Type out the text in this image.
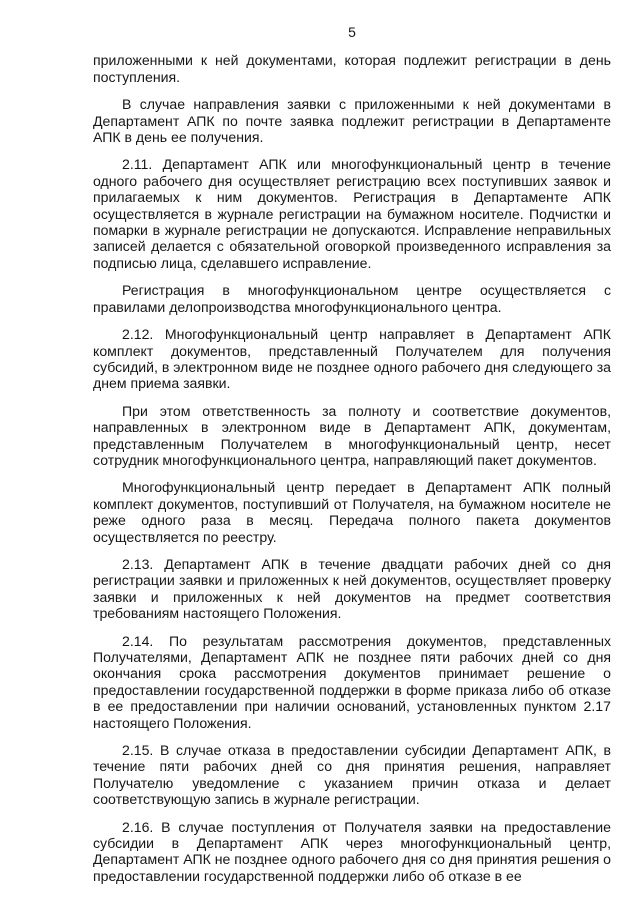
5

приложенными к ней документами, которая подлежит регистрации в день поступления.

В случае направления заявки с приложенными к ней документами в Департамент АПК по почте заявка подлежит регистрации в Департаменте АПК в день ее получения.

2.11. Департамент АПК или многофункциональный центр в течение одного рабочего дня осуществляет регистрацию всех поступивших заявок и прилагаемых к ним документов. Регистрация в Департаменте АПК осуществляется в журнале регистрации на бумажном носителе. Подчистки и помарки в журнале регистрации не допускаются. Исправление неправильных записей делается с обязательной оговоркой произведенного исправления за подписью лица, сделавшего исправление.

Регистрация в многофункциональном центре осуществляется с правилами делопроизводства многофункционального центра.

2.12. Многофункциональный центр направляет в Департамент АПК комплект документов, представленный Получателем для получения субсидий, в электронном виде не позднее одного рабочего дня следующего за днем приема заявки.

При этом ответственность за полноту и соответствие документов, направленных в электронном виде в Департамент АПК, документам, представленным Получателем в многофункциональный центр, несет сотрудник многофункционального центра, направляющий пакет документов.

Многофункциональный центр передает в Департамент АПК полный комплект документов, поступивший от Получателя, на бумажном носителе не реже одного раза в месяц. Передача полного пакета документов осуществляется по реестру.

2.13. Департамент АПК в течение двадцати рабочих дней со дня регистрации заявки и приложенных к ней документов, осуществляет проверку заявки и приложенных к ней документов на предмет соответствия требованиям настоящего Положения.

2.14. По результатам рассмотрения документов, представленных Получателями, Департамент АПК не позднее пяти рабочих дней со дня окончания срока рассмотрения документов принимает решение о предоставлении государственной поддержки в форме приказа либо об отказе в ее предоставлении при наличии оснований, установленных пунктом 2.17 настоящего Положения.

2.15. В случае отказа в предоставлении субсидии Департамент АПК, в течение пяти рабочих дней со дня принятия решения, направляет Получателю уведомление с указанием причин отказа и делает соответствующую запись в журнале регистрации.

2.16. В случае поступления от Получателя заявки на предоставление субсидии в Департамент АПК через многофункциональный центр, Департамент АПК не позднее одного рабочего дня со дня принятия решения о предоставлении государственной поддержки либо об отказе в ее
